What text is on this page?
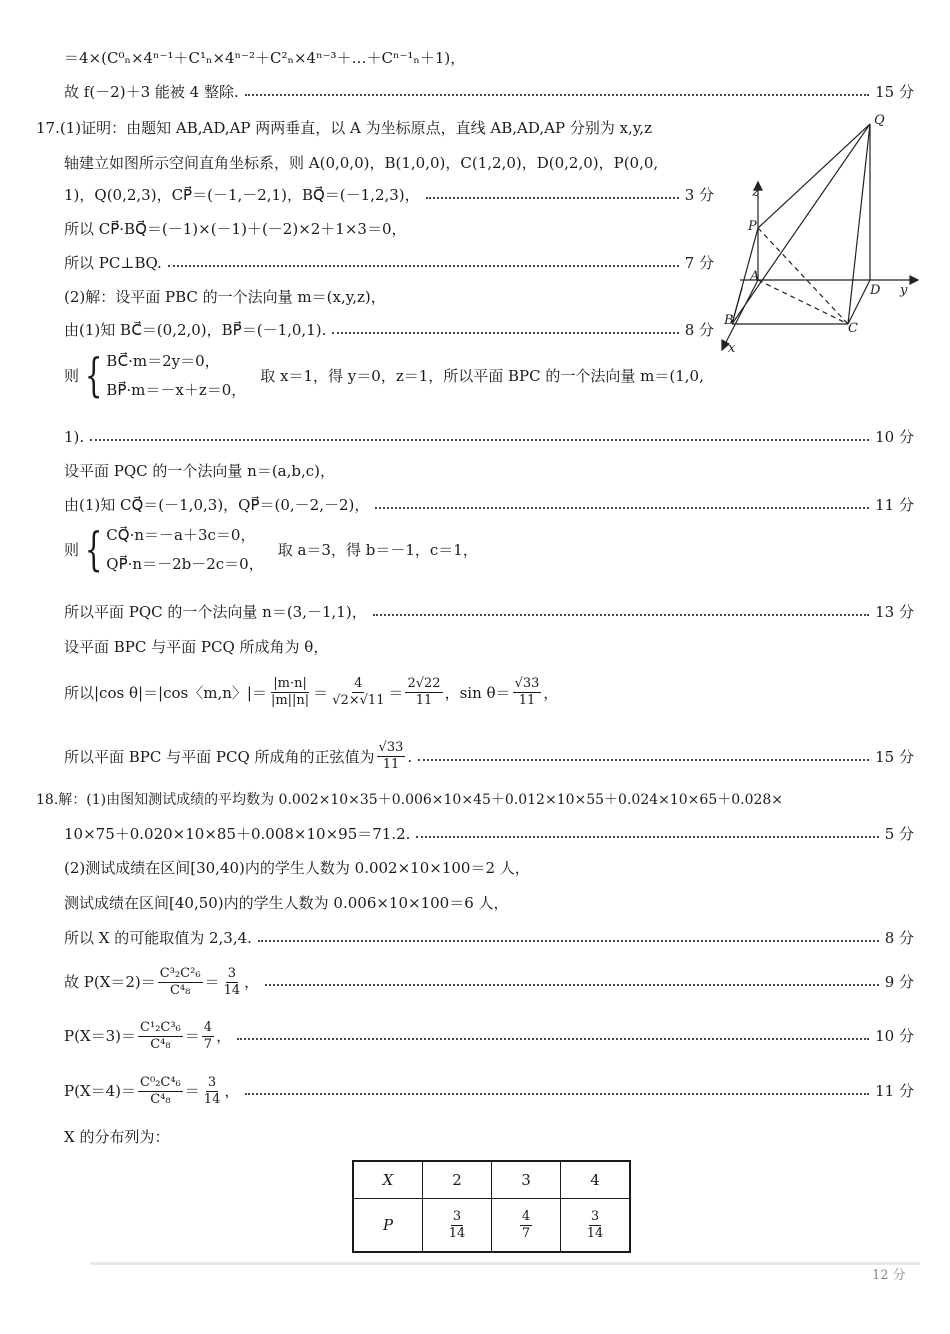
＝4×(C⁰ₙ×4ⁿ⁻¹＋C¹ₙ×4ⁿ⁻²＋C²ₙ×4ⁿ⁻³＋…＋Cⁿ⁻¹ₙ＋1)，
故 f(－2)＋3 能被 4 整除.	15 分
17.(1)证明：由题知 AB,AD,AP 两两垂直，以 A 为坐标原点，直线 AB,AD,AP 分别为 x,y,z
轴建立如图所示空间直角坐标系，则 A(0,0,0)，B(1,0,0)，C(1,2,0)，D(0,2,0)，P(0,0,
1)，Q(0,2,3)，CP⃗＝(－1,－2,1)，BQ⃗＝(－1,2,3)，	3 分
所以 CP⃗·BQ⃗＝(－1)×(－1)＋(－2)×2＋1×3＝0，
所以 PC⊥BQ.	7 分
(2)解：设平面 PBC 的一个法向量 m＝(x,y,z)，
由(1)知 BC⃗＝(0,2,0)，BP⃗＝(－1,0,1).	8 分
则 { BC⃗·m＝2y＝0，
BP⃗·m＝－x＋z＝0，
取 x＝1，得 y＝0，z＝1，所以平面 BPC 的一个法向量 m＝(1,0,
1).	10 分
设平面 PQC 的一个法向量 n＝(a,b,c)，
由(1)知 CQ⃗＝(－1,0,3)，QP⃗＝(0,－2,－2)，	11 分
则 { CQ⃗·n＝－a＋3c＝0，
QP⃗·n＝－2b－2c＝0，
取 a＝3，得 b＝－1，c＝1，
所以平面 PQC 的一个法向量 n＝(3,－1,1)，	13 分
设平面 BPC 与平面 PCQ 所成角为 θ，
所以|cos θ|＝|cos〈m,n〉|＝ $\frac{|m\cdot n|}{|m||n|} = \frac{4}{√2\times√11} = \frac{2√22}{11}$ ，$\sin \theta= \frac{√33}{11}$ ，
所以平面 BPC 与平面 PCQ 所成角的正弦值为 $\frac{√33}{11}$ .	15 分
18.解：(1)由图知测试成绩的平均数为 0.002×10×35＋0.006×10×45＋0.012×10×55＋0.024×10×65＋0.028×
10×75＋0.020×10×85＋0.008×10×95＝71.2.	5 分
(2)测试成绩在区间[30,40)内的学生人数为 0.002×10×100＝2 人，
测试成绩在区间[40,50)内的学生人数为 0.006×10×100＝6 人，
所以 X 的可能取值为 2,3,4.	8 分
故 $P(X=2)= \frac{\text{C³₂C²₆}}{\text{C⁴₈}} = \frac{3}{14}$ ，	9 分
$P(X=3)= \frac{\text{C¹₂C³₆}}{\text{C⁴₈}} = \frac{4}{7}$ ，	10 分
$P(X=4)= \frac{\text{C⁰₂C⁴₆}}{\text{C⁴₈}} = \frac{3}{14}$ ，	11 分
X 的分布列为：
X	2	3	4
P	$\frac{3}{14}$	$\frac{4}{7}$	$\frac{3}{14}$
12 分
Q
z
P
A
D y
B
C
x
